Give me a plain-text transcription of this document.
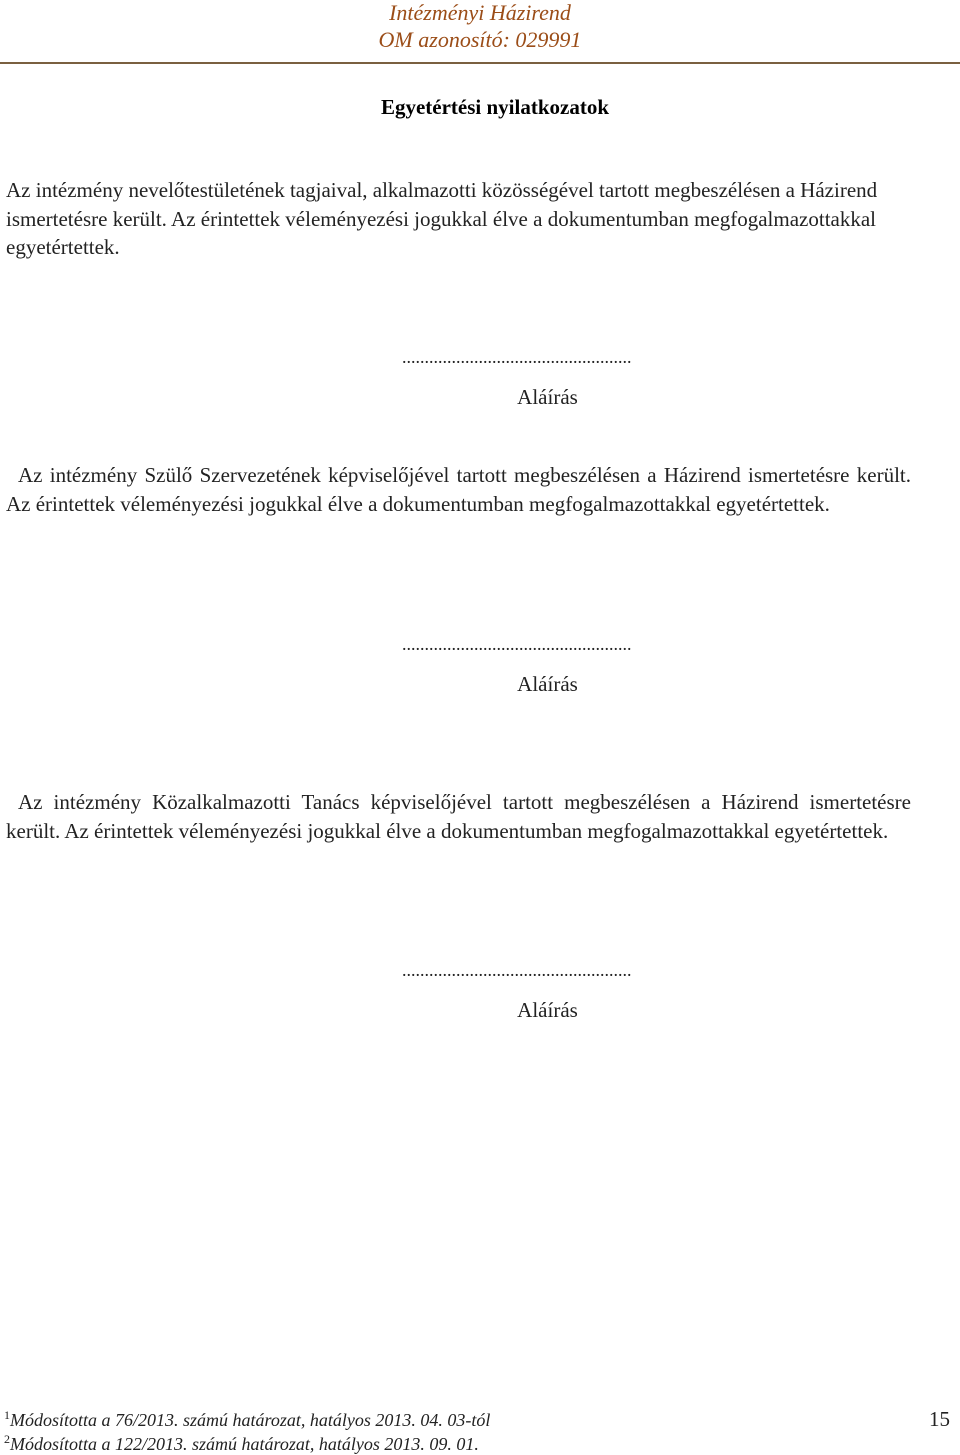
Intézményi Házirend
OM azonosító: 029991
Egyetértési nyilatkozatok
Az intézmény nevelőtestületének tagjaival, alkalmazotti közösségével tartott megbeszélésen a Házirend ismertetésre került. Az érintettek véleményezési jogukkal élve a dokumentumban megfogalmazottakkal egyetértettek.
...................................................
Aláírás
Az intézmény Szülő Szervezetének képviselőjével tartott megbeszélésen a Házirend ismertetésre került. Az érintettek véleményezési jogukkal élve a dokumentumban megfogalmazottakkal egyetértettek.
...................................................
Aláírás
Az intézmény Közalkalmazotti Tanács képviselőjével tartott megbeszélésen a Házirend ismertetésre került. Az érintettek véleményezési jogukkal élve a dokumentumban megfogalmazottakkal egyetértettek.
...................................................
Aláírás
$^1$Módosította a 76/2013. számú határozat, hatályos 2013. 04. 03-tól
$^2$Módosította a 122/2013. számú határozat, hatályos 2013. 09. 01.
15
